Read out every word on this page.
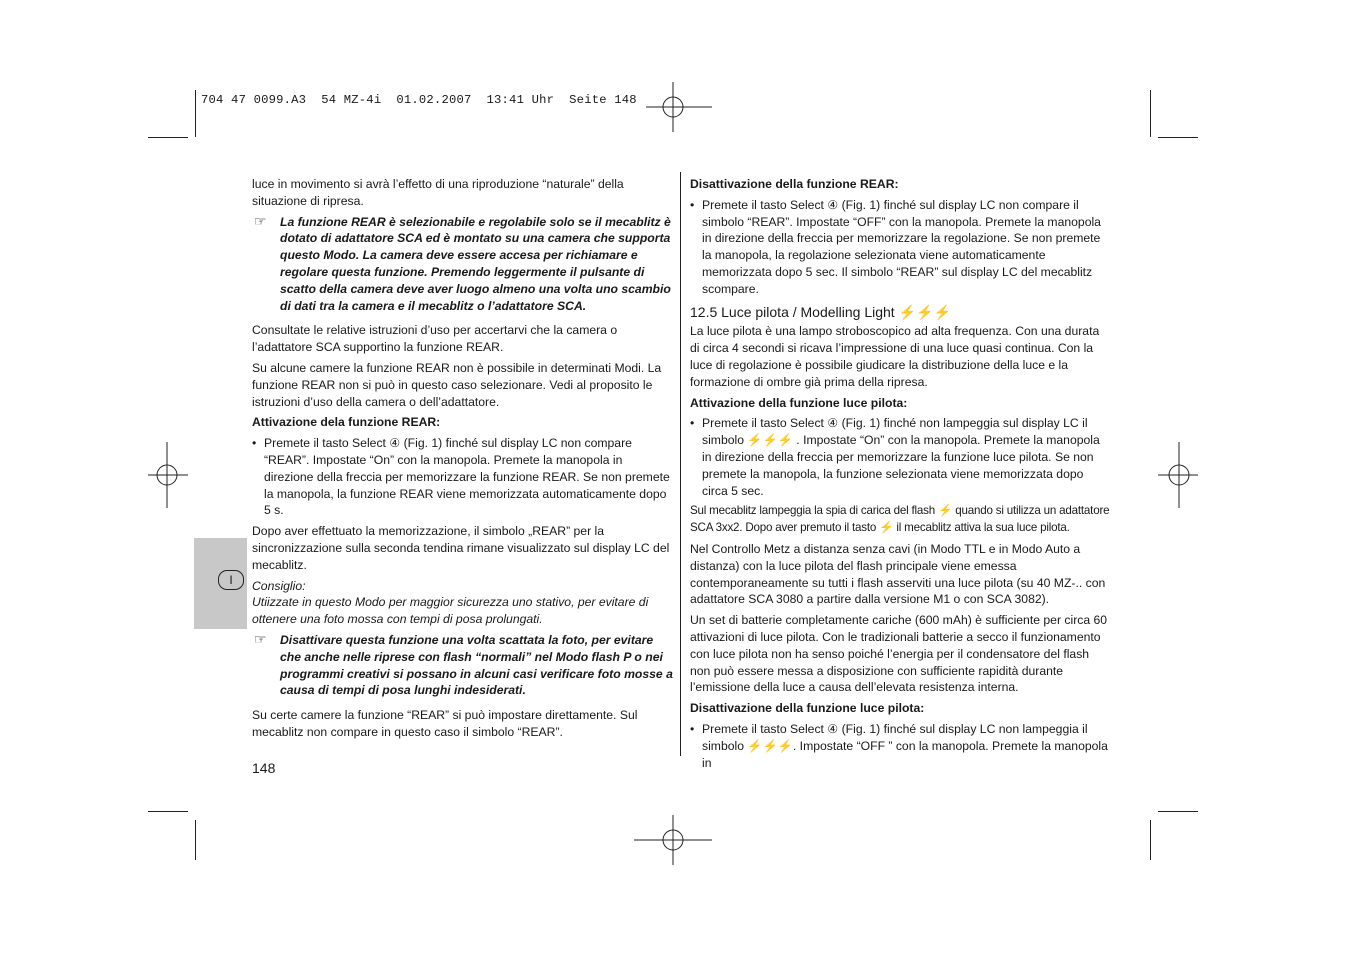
704 47 0099.A3  54 MZ-4i  01.02.2007  13:41 Uhr  Seite 148
I

luce in movimento si avrà l’effetto di una riproduzione “naturale” della situazione di ripresa.

☞ La funzione REAR è selezionabile e regolabile solo se il mecablitz è dotato di adattatore SCA ed è montato su una camera che supporta questo Modo. La camera deve essere accesa per richiamare e regolare questa funzione. Premendo leggermente il pulsante di scatto della camera deve aver luogo almeno una volta uno scambio di dati tra la camera e il mecablitz o l’adattatore SCA.

Consultate le relative istruzioni d’uso per accertarvi che la camera o l’adattatore SCA supportino la funzione REAR.

Su alcune camere la funzione REAR non è possibile in determinati Modi. La funzione REAR non si può in questo caso selezionare. Vedi al proposito le istruzioni d’uso della camera o dell’adattatore.

Attivazione dela funzione REAR:
• Premete il tasto Select ④ (Fig. 1) finché sul display LC non compare “REAR”. Impostate “On” con la manopola. Premete la manopola in direzione della freccia per memorizzare la funzione REAR. Se non premete la manopola, la funzione REAR viene memorizzata automaticamente dopo 5 s.

Dopo aver effettuato la memorizzazione, il simbolo „REAR” per la sincronizzazione sulla seconda tendina rimane visualizzato sul display LC del mecablitz.

Consiglio:

Utiizzate in questo Modo per maggior sicurezza uno stativo, per evitare di ottenere una foto mossa con tempi di posa prolungati.

☞ Disattivare questa funzione una volta scattata la foto, per evitare che anche nelle riprese con flash “normali” nel Modo flash P o nei programmi creativi si possano in alcuni casi verificare foto mosse a causa di tempi di posa lunghi indesiderati.

Su certe camere la funzione “REAR” si può impostare direttamente. Sul mecablitz non compare in questo caso il simbolo “REAR”.

148
Disattivazione della funzione REAR:
• Premete il tasto Select ④ (Fig. 1) finché sul display LC non compare il simbolo “REAR”. Impostate “OFF” con la manopola. Premete la manopola in direzione della freccia per memorizzare la regolazione. Se non premete la manopola, la regolazione selezionata viene automaticamente memorizzata dopo 5 sec. Il simbolo “REAR” sul display LC del mecablitz scompare.
12.5 Luce pilota / Modelling Light ⚡⚡⚡

La luce pilota è una lampo stroboscopico ad alta frequenza. Con una durata di circa 4 secondi si ricava l’impressione di una luce quasi continua. Con la luce di regolazione è possibile giudicare la distribuzione della luce e la formazione di ombre già prima della ripresa.

Attivazione della funzione luce pilota:
• Premete il tasto Select ④ (Fig. 1) finché non lampeggia sul display LC il simbolo ⚡⚡⚡ . Impostate “On” con la manopola. Premete la manopola in direzione della freccia per memorizzare la funzione luce pilota. Se non premete la manopola, la funzione selezionata viene memorizzata dopo circa 5 sec.

Sul mecablitz lampeggia la spia di carica del flash ⚡ quando si utilizza un adattatore SCA 3xx2. Dopo aver premuto il tasto ⚡ il mecablitz attiva la sua luce pilota.

Nel Controllo Metz a distanza senza cavi (in Modo TTL e in Modo Auto a distanza) con la luce pilota del flash principale viene emessa contemporaneamente su tutti i flash asserviti una luce pilota (su 40 MZ-.. con adattatore SCA 3080 a partire dalla versione M1 o con SCA 3082).

Un set di batterie completamente cariche (600 mAh) è sufficiente per circa 60 attivazioni di luce pilota. Con le tradizionali batterie a secco il funzionamento con luce pilota non ha senso poiché l’energia per il condensatore del flash non può essere messa a disposizione con sufficiente rapidità durante l’emissione della luce a causa dell’elevata resistenza interna.

Disattivazione della funzione luce pilota:
• Premete il tasto Select ④ (Fig. 1) finché sul display LC non lampeggia il simbolo ⚡⚡⚡. Impostate “OFF ” con la manopola. Premete la manopola in
